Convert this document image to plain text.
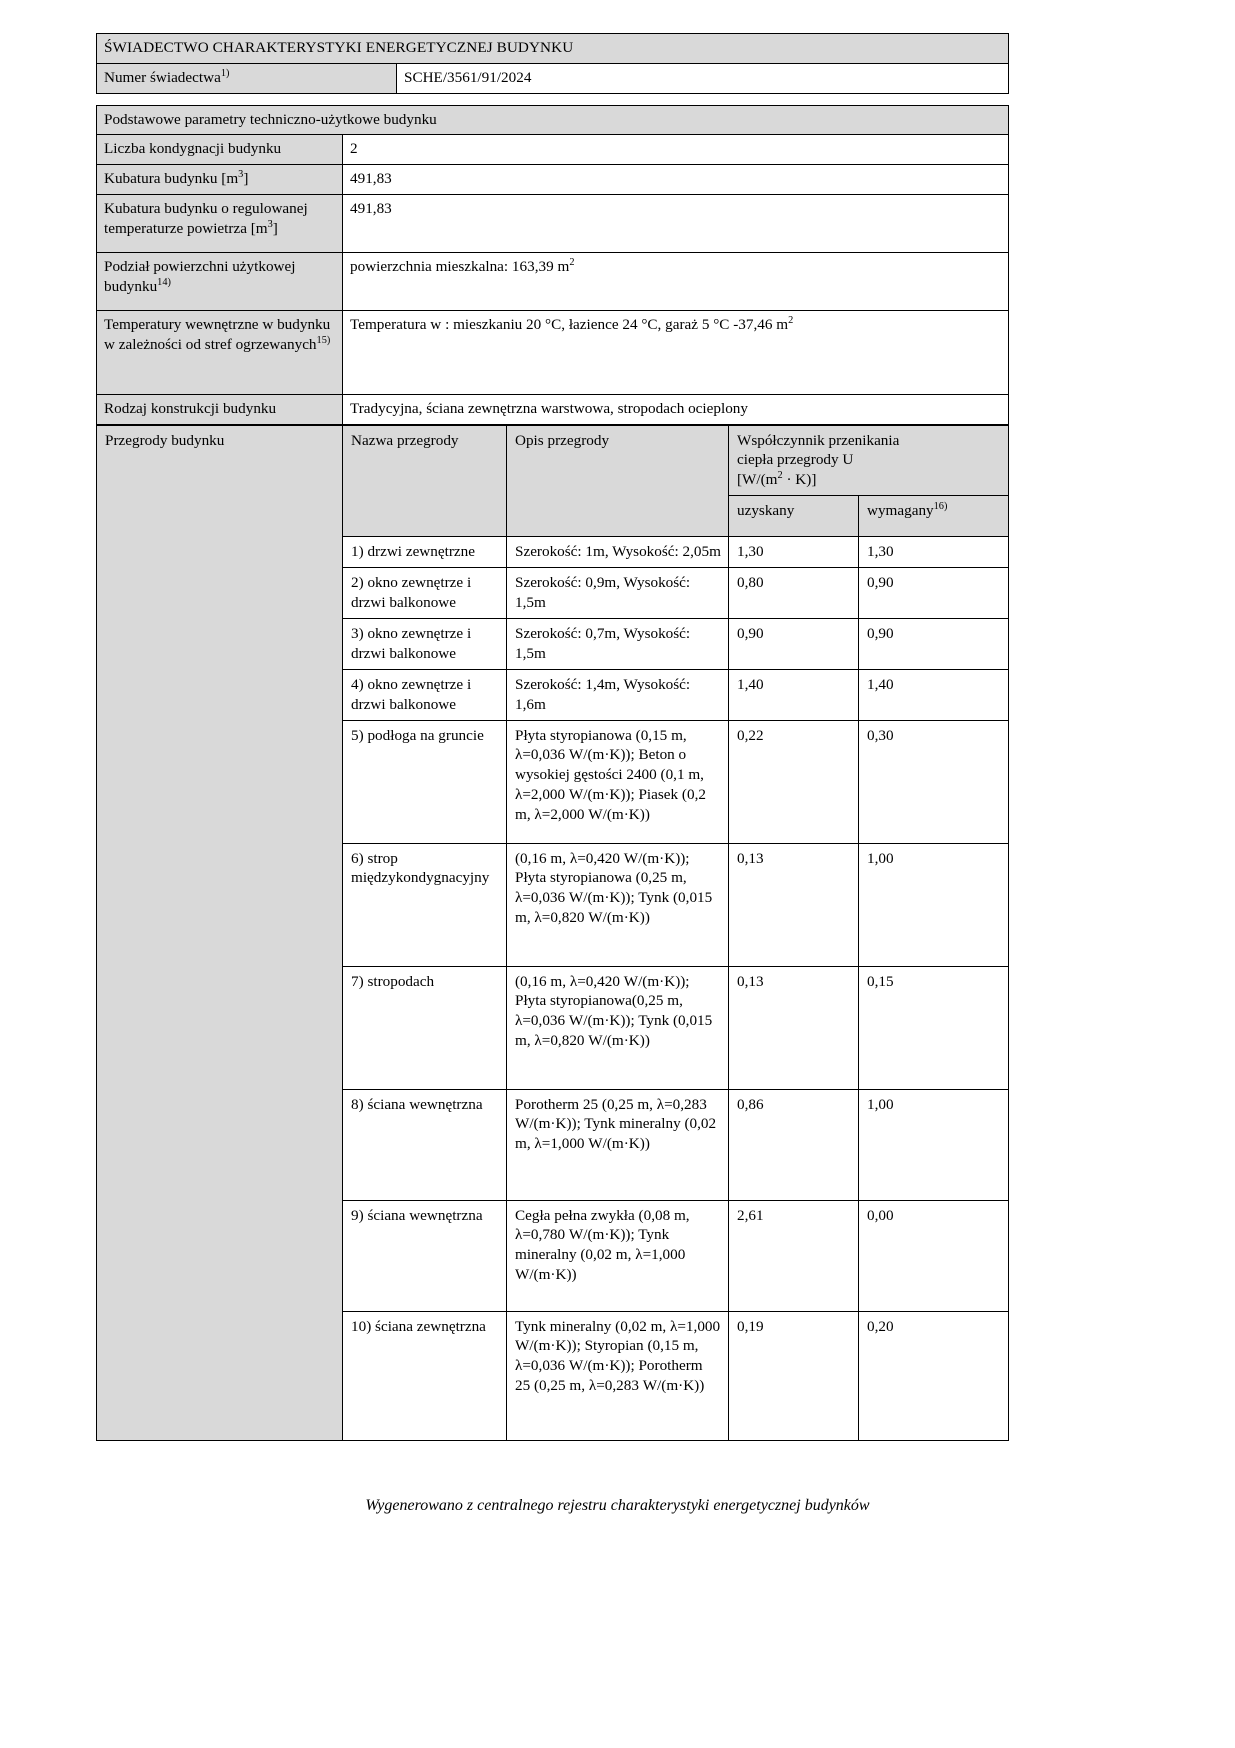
ŚWIADECTWO CHARAKTERYSTYKI ENERGETYCZNEJ BUDYNKU
Numer świadectwa$^{1)}$	SCHE/3561/91/2024
Podstawowe parametry techniczno-użytkowe budynku	
Liczba kondygnacji budynku	2
Kubatura budynku $[m^3]$	491,83
Kubatura budynku o regulowanej temperaturze powietrza $[m^3]$	491,83
Podział powierzchni użytkowej budynku$^{14)}$	powierzchnia mieszkalna: 163,39 $m^2$
Temperatury wewnętrzne w budynku w zależności od stref ogrzewanych$^{15)}$	Temperatura w : mieszkaniu 20 °C, łazience 24 °C, garaż 5 °C -37,46 $m^2$
Rodzaj konstrukcji budynku	Tradycyjna, ściana zewnętrzna warstwowa, stropodach ocieplony
Przegrody budynku	Nazwa przegrody	Opis przegrody	Współczynnik przenikania
ciepła przegrody U
$[W/(m^2 \cdot K)]$	

			uzyskany	wymagany$^{16)}$
	1) drzwi zewnętrzne	Szerokość: 1m, Wysokość: 2,05m	1,30	1,30
	2) okno zewnętrze i drzwi balkonowe	Szerokość: 0,9m, Wysokość: 1,5m	0,80	0,90
	3) okno zewnętrze i drzwi balkonowe	Szerokość: 0,7m, Wysokość: 1,5m	0,90	0,90
	4) okno zewnętrze i drzwi balkonowe	Szerokość: 1,4m, Wysokość: 1,6m	1,40	1,40
	5) podłoga na gruncie	Płyta styropianowa (0,15 m, λ=0,036 W/(m·K)); Beton o wysokiej gęstości 2400 (0,1 m, λ=2,000 W/(m·K)); Piasek (0,2 m, λ=2,000 W/(m·K))	0,22	0,30
	6) strop międzykondygnacyjny	(0,16 m, λ=0,420 W/(m·K)); Płyta styropianowa (0,25 m, λ=0,036 W/(m·K)); Tynk (0,015 m, λ=0,820 W/(m·K))	0,13	1,00
	7) stropodach	(0,16 m, λ=0,420 W/(m·K)); Płyta styropianowa(0,25 m, λ=0,036 W/(m·K)); Tynk (0,015 m, λ=0,820 W/(m·K))	0,13	0,15
	8) ściana wewnętrzna	Porotherm 25 (0,25 m, λ=0,283 W/(m·K)); Tynk mineralny (0,02 m, λ=1,000 W/(m·K))	0,86	1,00
	9) ściana wewnętrzna	Cegła pełna zwykła (0,08 m, λ=0,780 W/(m·K)); Tynk mineralny (0,02 m, λ=1,000 W/(m·K))	2,61	0,00
	10) ściana zewnętrzna	Tynk mineralny (0,02 m, λ=1,000 W/(m·K)); Styropian (0,15 m, λ=0,036 W/(m·K)); Porotherm 25 (0,25 m, λ=0,283 W/(m·K))	0,19	0,20
Wygenerowano z centralnego rejestru charakterystyki energetycznej budynków
